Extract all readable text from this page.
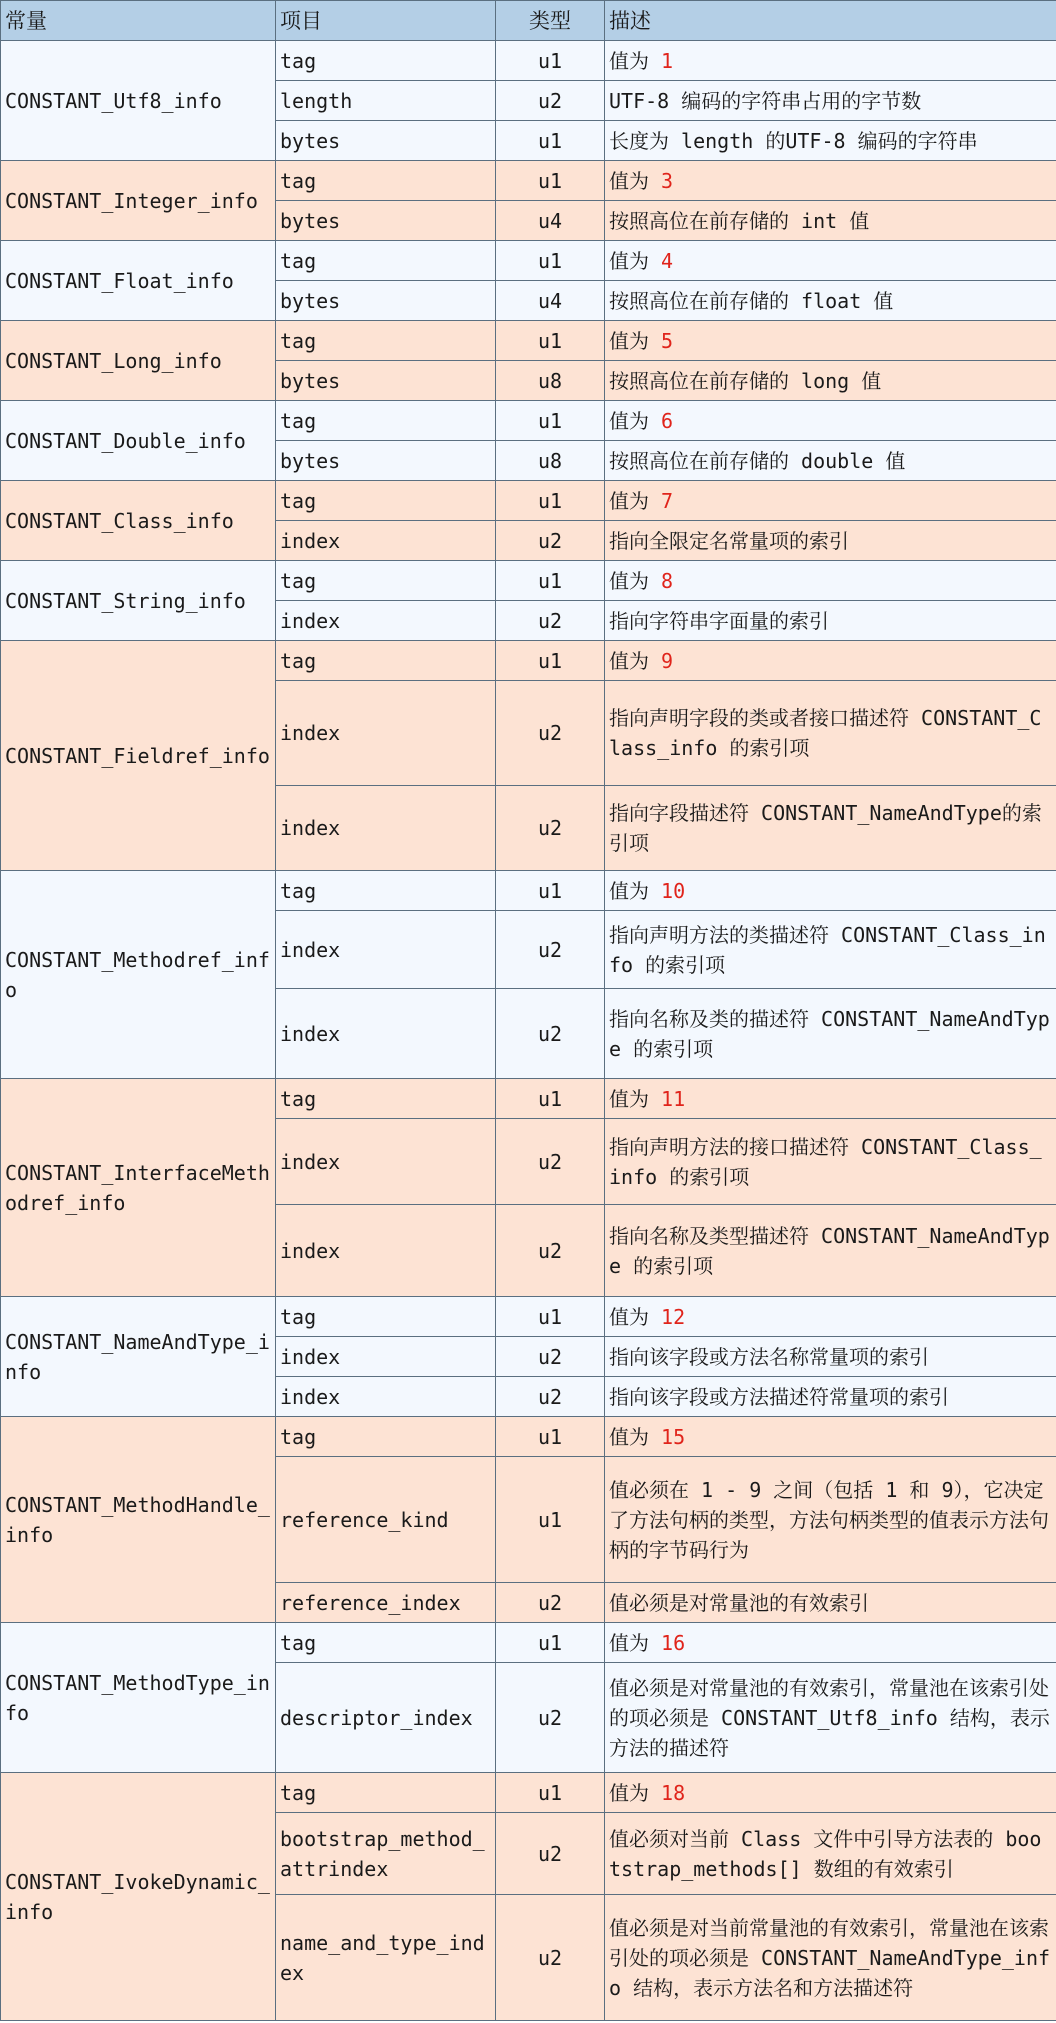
常量	项目	类型	描述
CONSTANT_Utf8_info	tag	u1	值为 1
	length	u2	UTF-8 编码的字符串占用的字节数
	bytes	u1	长度为 length 的UTF-8 编码的字符串
CONSTANT_Integer_info	tag	u1	值为 3
	bytes	u4	按照高位在前存储的 int 值
CONSTANT_Float_info	tag	u1	值为 4
	bytes	u4	按照高位在前存储的 float 值
CONSTANT_Long_info	tag	u1	值为 5
	bytes	u8	按照高位在前存储的 long 值
CONSTANT_Double_info	tag	u1	值为 6
	bytes	u8	按照高位在前存储的 double 值
CONSTANT_Class_info	tag	u1	值为 7
	index	u2	指向全限定名常量项的索引
CONSTANT_String_info	tag	u1	值为 8
	index	u2	指向字符串字面量的索引
CONSTANT_Fieldref_info	tag	u1	值为 9
	index	u2	指向声明字段的类或者接口描述符 CONSTANT_Class_info 的索引项
	index	u2	指向字段描述符 CONSTANT_NameAndType的索引项
CONSTANT_Methodref_info	tag	u1	值为 10
	index	u2	指向声明方法的类描述符 CONSTANT_Class_info 的索引项
	index	u2	指向名称及类的描述符 CONSTANT_NameAndType 的索引项
CONSTANT_InterfaceMethodref_info	tag	u1	值为 11
	index	u2	指向声明方法的接口描述符 CONSTANT_Class_info 的索引项
	index	u2	指向名称及类型描述符 CONSTANT_NameAndType 的索引项
CONSTANT_NameAndType_info	tag	u1	值为 12
	index	u2	指向该字段或方法名称常量项的索引
	index	u2	指向该字段或方法描述符常量项的索引
CONSTANT_MethodHandle_info	tag	u1	值为 15
	reference_kind	u1	值必须在 1 - 9 之间（包括 1 和 9），它决定了方法句柄的类型，方法句柄类型的值表示方法句柄的字节码行为
	reference_index	u2	值必须是对常量池的有效索引
CONSTANT_MethodType_info	tag	u1	值为 16
	descriptor_index	u2	值必须是对常量池的有效索引，常量池在该索引处的项必须是 CONSTANT_Utf8_info 结构，表示方法的描述符
CONSTANT_IvokeDynamic_info	tag	u1	值为 18
	bootstrap_method_attrindex	u2	值必须对当前 Class 文件中引导方法表的 bootstrap_methods[] 数组的有效索引
	name_and_type_index	u2	值必须是对当前常量池的有效索引，常量池在该索引处的项必须是 CONSTANT_NameAndType_info 结构，表示方法名和方法描述符
